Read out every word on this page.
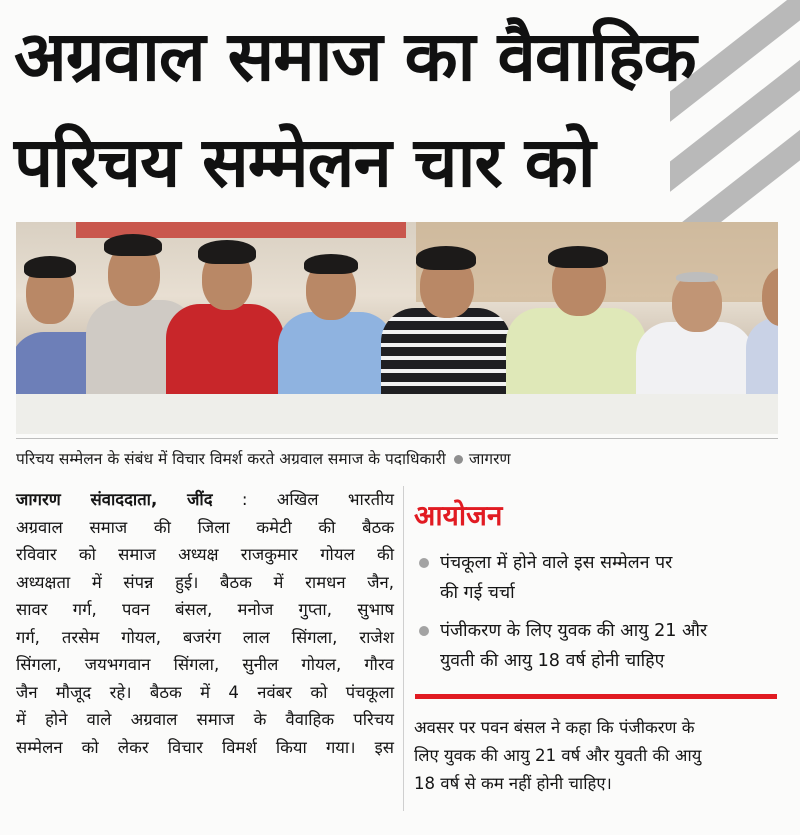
अग्रवाल समाज का वैवाहिक
परिचय सम्मेलन चार को
परिचय सम्मेलन के संबंध में विचार विमर्श करते अग्रवाल समाज के पदाधिकारी जागरण
जागरण संवाददाता, जींद : अखिल भारतीय
अग्रवाल समाज की जिला कमेटी की बैठक
रविवार को समाज अध्यक्ष राजकुमार गोयल की
अध्यक्षता में संपन्न हुई। बैठक में रामधन जैन,
सावर गर्ग, पवन बंसल, मनोज गुप्ता, सुभाष
गर्ग, तरसेम गोयल, बजरंग लाल सिंगला, राजेश
सिंगला, जयभगवान सिंगला, सुनील गोयल, गौरव
जैन मौजूद रहे। बैठक में 4 नवंबर को पंचकूला
में होने वाले अग्रवाल समाज के वैवाहिक परिचय
सम्मेलन को लेकर विचार विमर्श किया गया। इस
आयोजन
पंचकूला में होने वाले इस सम्मेलन पर
की गई चर्चा
पंजीकरण के लिए युवक की आयु 21 और
युवती की आयु 18 वर्ष होनी चाहिए
अवसर पर पवन बंसल ने कहा कि पंजीकरण के
लिए युवक की आयु 21 वर्ष और युवती की आयु
18 वर्ष से कम नहीं होनी चाहिए।
